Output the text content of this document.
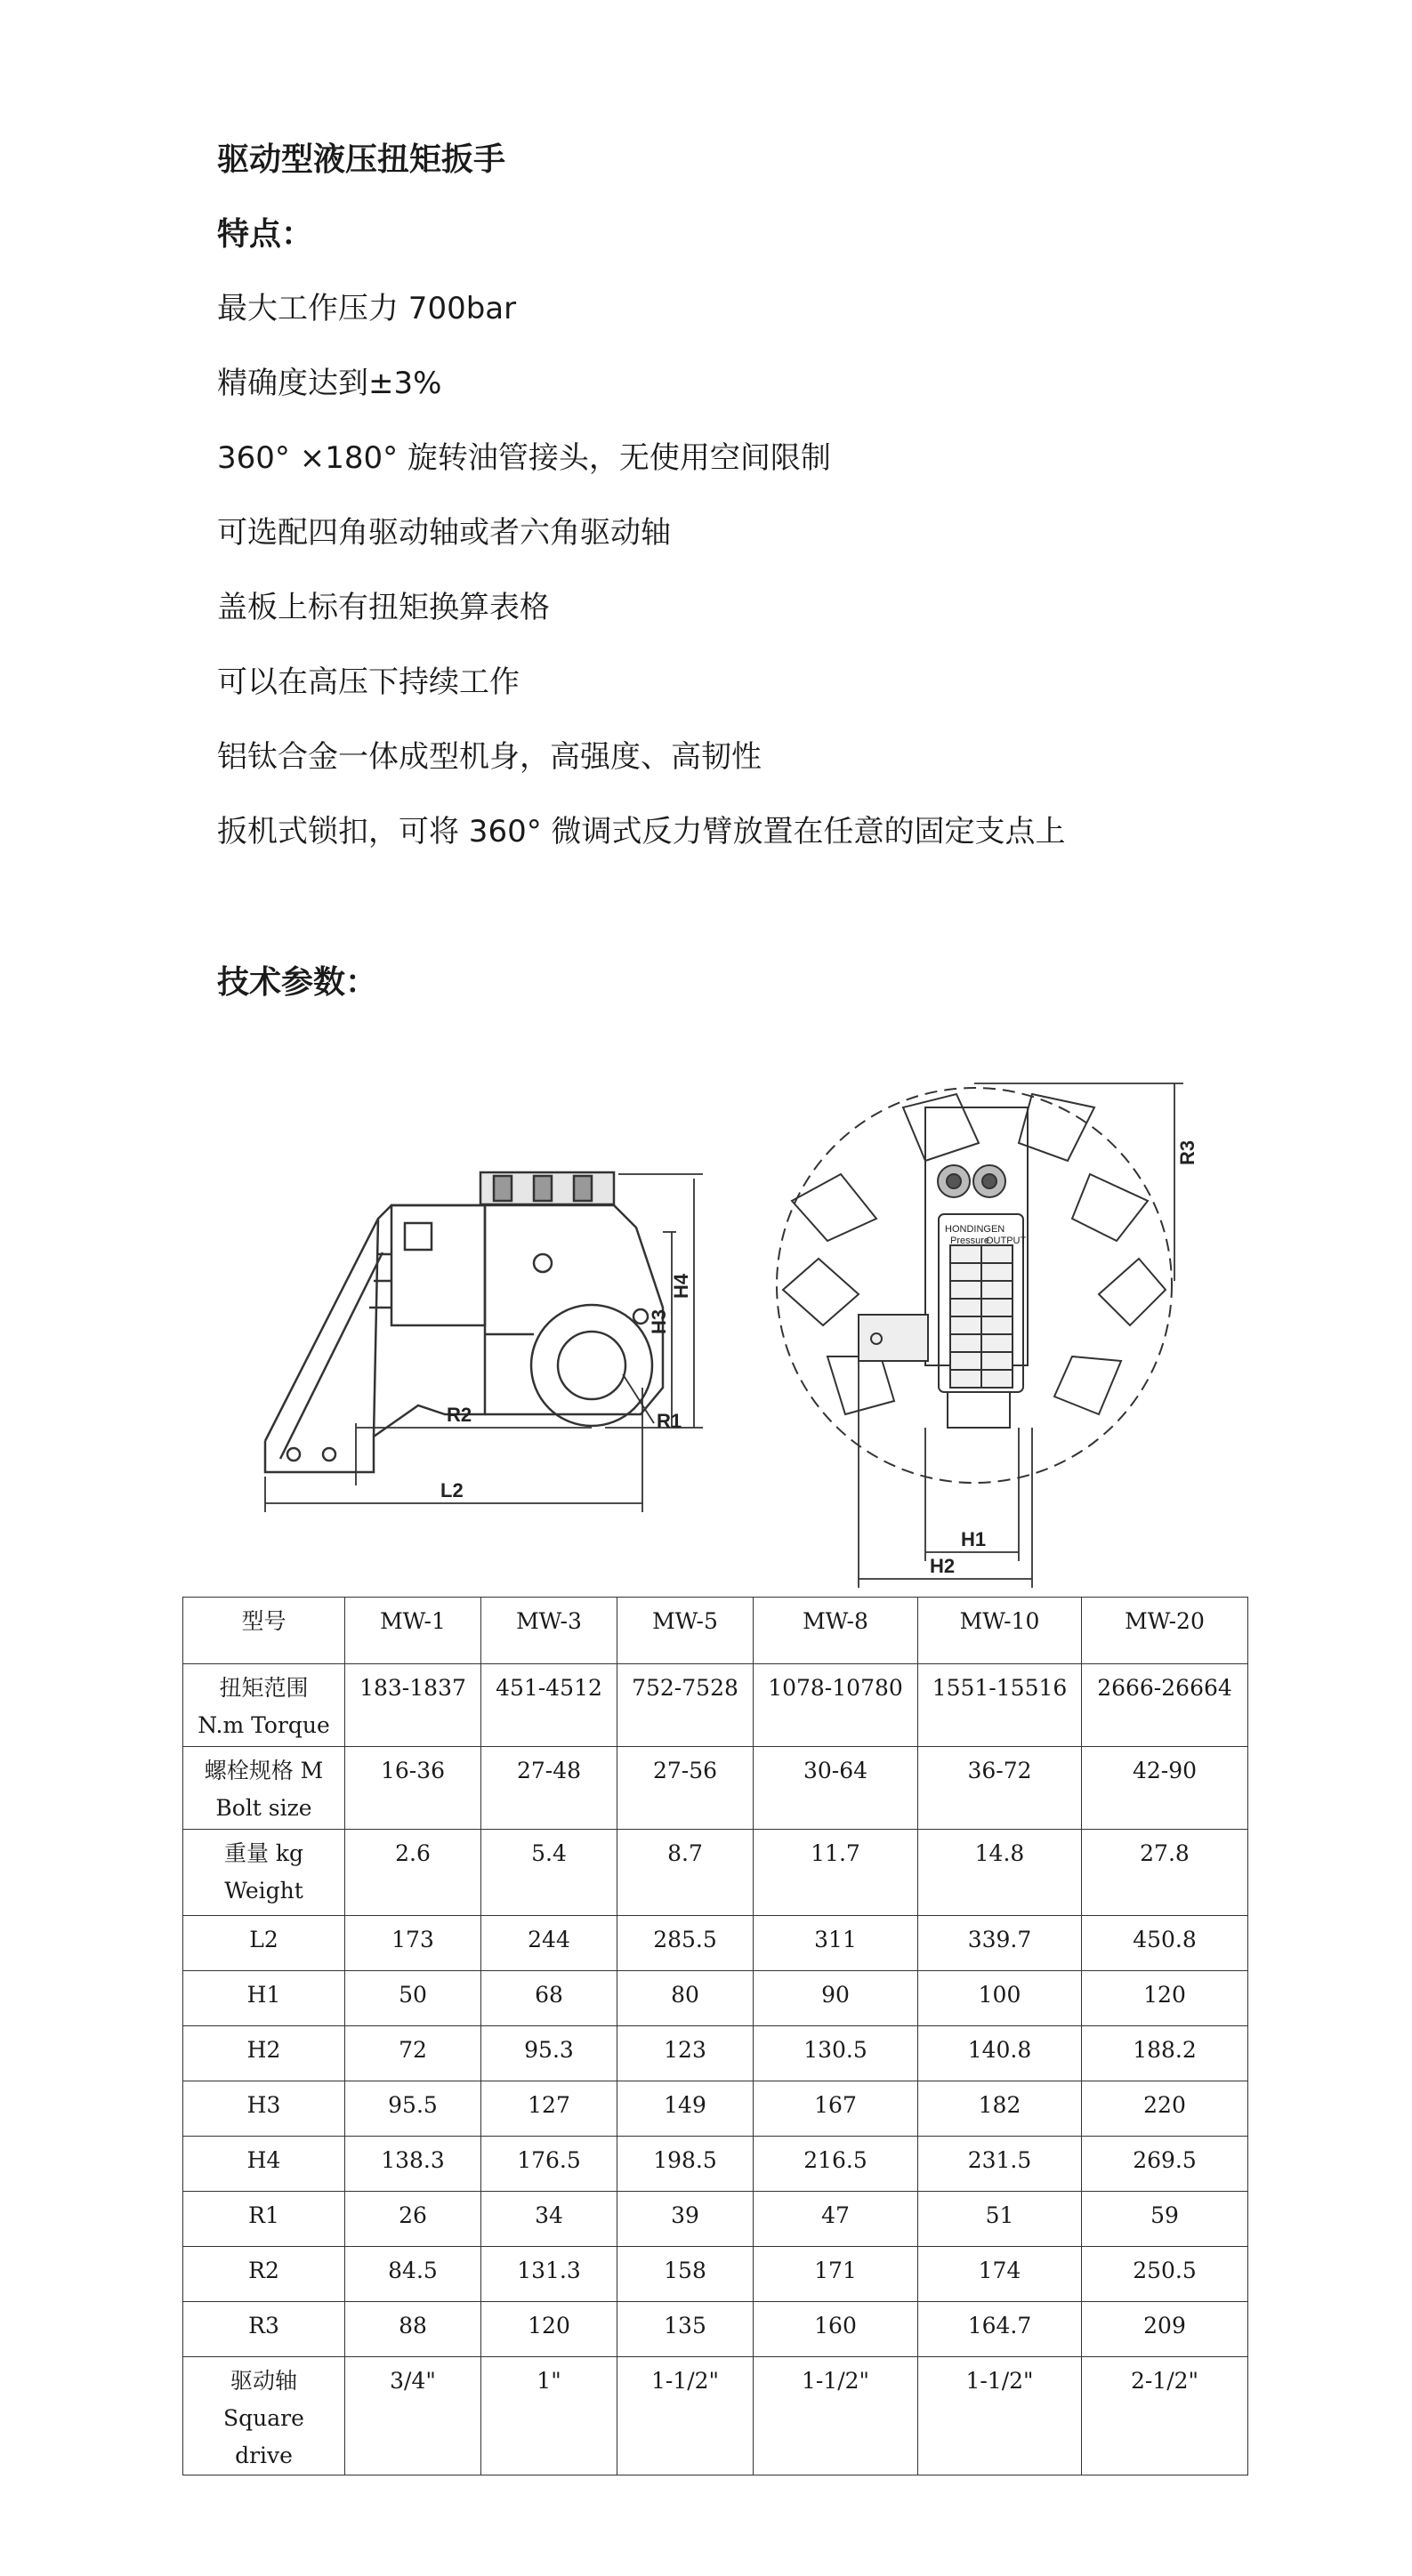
驱动型液压扭矩扳手
特点：
最大工作压力 700bar
精确度达到±3%
360° ×180° 旋转油管接头，无使用空间限制
可选配四角驱动轴或者六角驱动轴
盖板上标有扭矩换算表格
可以在高压下持续工作
铝钛合金一体成型机身，高强度、高韧性
扳机式锁扣，可将 360° 微调式反力臂放置在任意的固定支点上
技术参数：
R2
L2
R1
H3
H4
HONDINGEN
Pressure
OUTPUT
R3
H1
H2
型号	MW-1	MW-3	MW-5	MW-8	MW-10	MW-20
扭矩范围
N.m Torque	183-1837	451-4512	752-7528	1078-10780	1551-15516	2666-26664
螺栓规格 M
Bolt size	16-36	27-48	27-56	30-64	36-72	42-90
重量 kg
Weight	2.6	5.4	8.7	11.7	14.8	27.8
L2	173	244	285.5	311	339.7	450.8
H1	50	68	80	90	100	120
H2	72	95.3	123	130.5	140.8	188.2
H3	95.5	127	149	167	182	220
H4	138.3	176.5	198.5	216.5	231.5	269.5
R1	26	34	39	47	51	59
R2	84.5	131.3	158	171	174	250.5
R3	88	120	135	160	164.7	209
驱动轴
Square
drive	3/4"	1"	1-1/2"	1-1/2"	1-1/2"	2-1/2"
